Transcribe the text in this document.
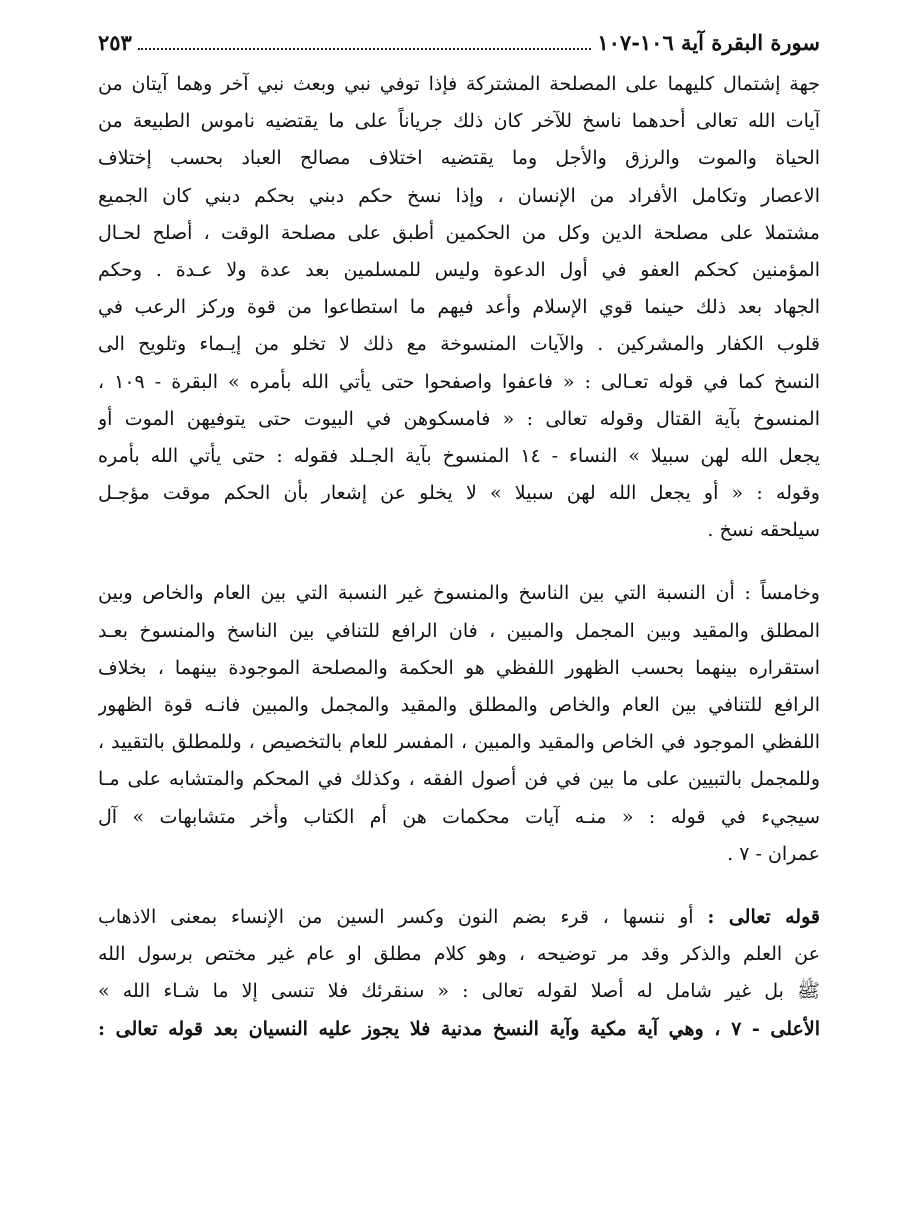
سورة البقرة آية ١٠٦-١٠٧
٢٥٣
جهة إشتمال كليهما على المصلحة المشتركة فإذا توفي نبي وبعث نبي آخر وهما آيتان من
آيات الله تعالى أحدهما ناسخ للآخر كان ذلك جرياناً على ما يقتضيه ناموس الطبيعة من
الحياة والموت والرزق والأجل وما يقتضيه اختلاف مصالح العباد بحسب إختلاف
الاعصار وتكامل الأفراد من الإنسان ، وإذا نسخ حكم دبني بحكم دبني كان الجميع
مشتملا على مصلحة الدين وكل من الحكمين أطبق على مصلحة الوقت ، أصلح لحـال
المؤمنين كحكم العفو في أول الدعوة وليس للمسلمين بعد عدة ولا عـدة . وحكم
الجهاد بعد ذلك حينما قوي الإسلام وأعد فيهم ما استطاعوا من قوة وركز الرعب في
قلوب الكفار والمشركين . والآيات المنسوخة مع ذلك لا تخلو من إيـماء وتلويح الى
النسخ كما في قوله تعـالى : « فاعفوا واصفحوا حتى يأتي الله بأمره » البقرة - ١٠٩ ،
المنسوخ بآية القتال وقوله تعالى : « فامسكوهن في البيوت حتى يتوفيهن الموت أو
يجعل الله لهن سبيلا » النساء - ١٤ المنسوخ بآية الجـلد فقوله : حتى يأتي الله بأمره
وقوله : « أو يجعل الله لهن سبيلا » لا يخلو عن إشعار بأن الحكم موقت مؤجـل
سيلحقه نسخ .
وخامساً : أن النسبة التي بين الناسخ والمنسوخ غير النسبة التي بين العام والخاص وبين
المطلق والمقيد وبين المجمل والمبين ، فان الرافع للتنافي بين الناسخ والمنسوخ بعـد
استقراره بينهما بحسب الظهور اللفظي هو الحكمة والمصلحة الموجودة بينهما ، بخلاف
الرافع للتنافي بين العام والخاص والمطلق والمقيد والمجمل والمبين فانـه قوة الظهور
اللفظي الموجود في الخاص والمقيد والمبين ، المفسر للعام بالتخصيص ، وللمطلق بالتقييد ،
وللمجمل بالتبيين على ما بين في فن أصول الفقه ، وكذلك في المحكم والمتشابه على مـا
سيجيء في قوله : « منـه آيات محكمات هن أم الكتاب وأخر متشابهات » آل
عمران - ٧ .
قوله تعالى : أو ننسها ، قرء بضم النون وكسر السين من الإنساء بمعنى الاذهاب
عن العلم والذكر وقد مر توضيحه ، وهو كلام مطلق او عام غير مختص برسول الله
ﷺ بل غير شامل له أصلا لقوله تعالى : « سنقرئك فلا تنسى إلا ما شـاء الله »
الأعلى - ٧ ، وهي آية مكية وآية النسخ مدنية فلا يجوز عليه النسيان بعد قوله تعالى :
